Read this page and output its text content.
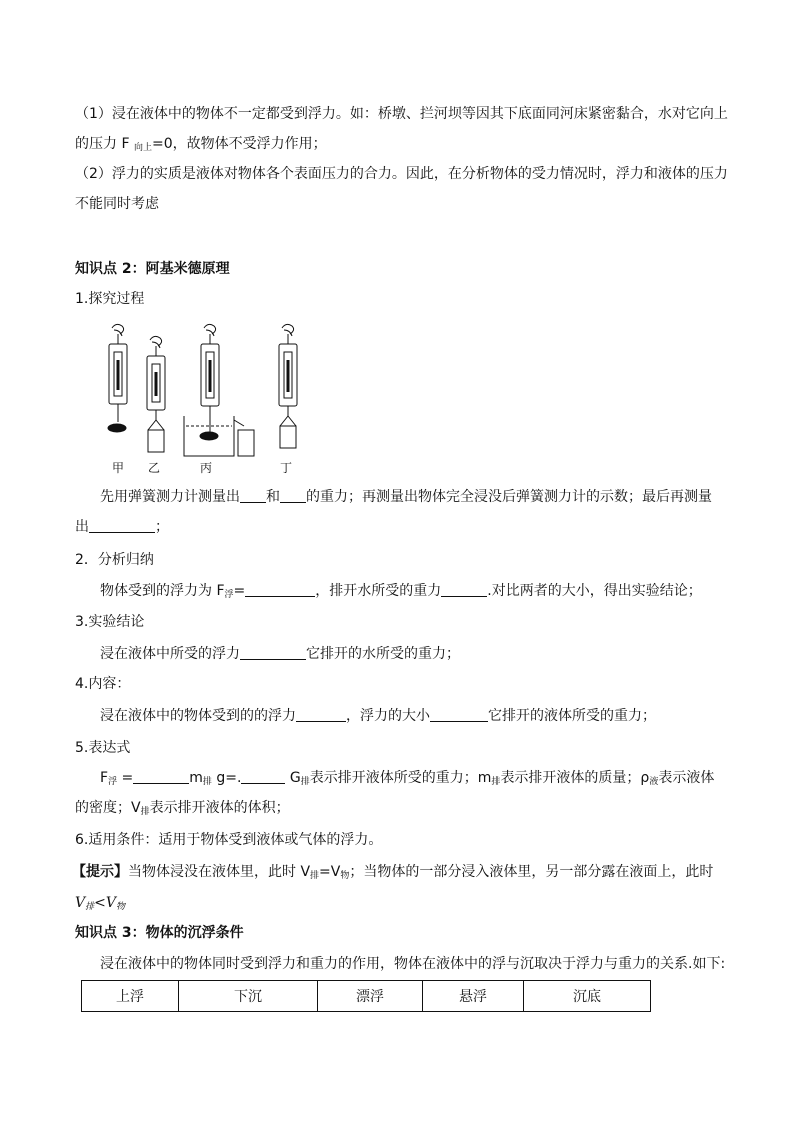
（1）浸在液体中的物体不一定都受到浮力。如：桥墩、拦河坝等因其下底面同河床紧密黏合，水对它向上
的压力 F $_{向上}$=0，故物体不受浮力作用；
（2）浮力的实质是液体对物体各个表面压力的合力。因此，在分析物体的受力情况时，浮力和液体的压力
不能同时考虑
知识点 2：阿基米德原理
1.探究过程
甲 乙	丙	丁
先用弹簧测力计测量出 和 的重力；再测量出物体完全浸没后弹簧测力计的示数；最后再测量
出	；
2．分析归纳
物体受到的浮力为 $F_浮=$	，排开水所受的重力	.对比两者的大小，得出实验结论；
3.实验结论
浸在液体中所受的浮力	它排开的水所受的重力；
4.内容：
浸在液体中的物体受到的的浮力	，浮力的大小	它排开的液体所受的重力；
5.表达式
$F_浮$ =	$m_排$ g=.	$G_排$表示排开液体所受的重力；$m_排$表示排开液体的质量；$\rho_液$表示液体
的密度；$V_排$表示排开液体的体积；
6.适用条件：适用于物体受到液体或气体的浮力。
【提示】当物体浸没在液体里，此时 $V_排=V_物$；当物体的一部分浸入液体里，另一部分露在液面上，此时
$V_排<V_物$
知识点 3：物体的沉浮条件
浸在液体中的物体同时受到浮力和重力的作用，物体在液体中的浮与沉取决于浮力与重力的关系.如下:
上浮	下沉	漂浮	悬浮	沉底
